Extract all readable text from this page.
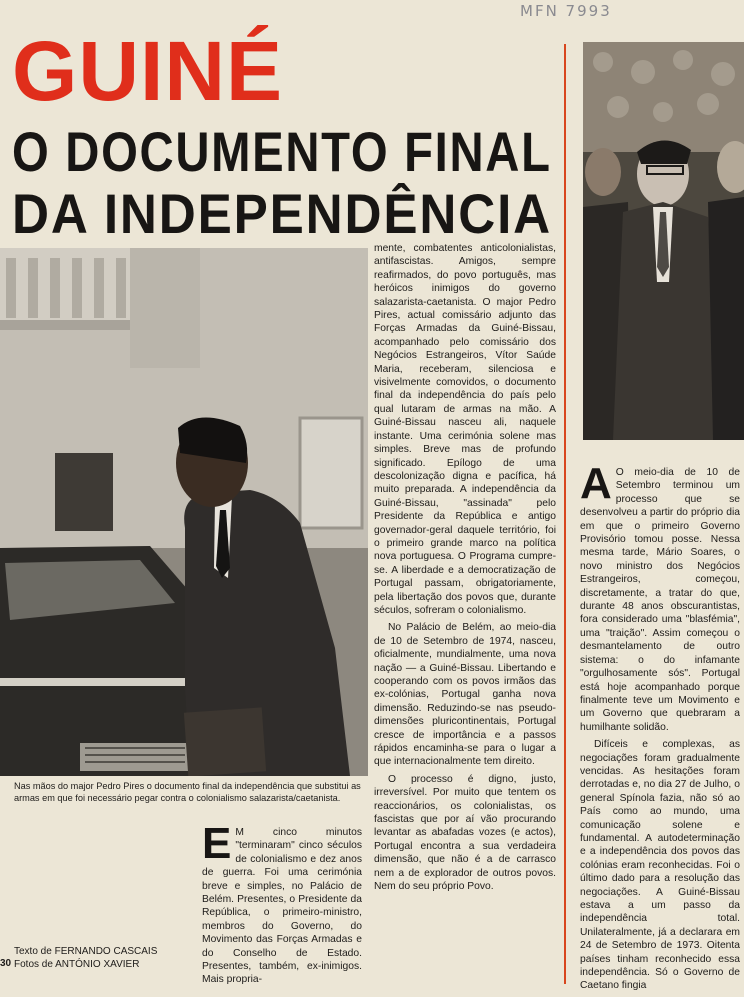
MFN 7993
GUINÉ
O DOCUMENTO FINAL
DA INDEPENDÊNCIA
Nas mãos do major Pedro Pires o documento final da independência que substitui as armas em que foi necessário pegar contra o colonialismo salazarista/caetanista.

E M cinco minutos "terminaram" cinco séculos de colonialismo e dez anos de guerra. Foi uma cerimónia breve e simples, no Palácio de Belém. Presentes, o Presidente da República, o primeiro-ministro, membros do Governo, do Movimento das Forças Armadas e do Conselho de Estado. Presentes, também, ex-inimigos. Mais propria-

mente, combatentes anticolonialistas, antifascistas. Amigos, sempre reafirmados, do povo português, mas heróicos inimigos do governo salazarista-caetanista. O major Pedro Pires, actual comissário adjunto das Forças Armadas da Guiné-Bissau, acompanhado pelo comissário dos Negócios Estrangeiros, Vítor Saúde Maria, receberam, silenciosa e visivelmente comovidos, o documento final da independência do país pelo qual lutaram de armas na mão. A Guiné-Bissau nasceu ali, naquele instante. Uma cerimónia solene mas simples. Breve mas de profundo significado. Epílogo de uma descolonização digna e pacífica, há muito preparada. A independência da Guiné-Bissau, "assinada" pelo Presidente da República e antigo governador-geral daquele território, foi o primeiro grande marco na política nova portuguesa. O Programa cumpre-se. A liberdade e a democratização de Portugal passam, obrigatoriamente, pela libertação dos povos que, durante séculos, sofreram o colonialismo.

No Palácio de Belém, ao meio-dia de 10 de Setembro de 1974, nasceu, oficialmente, mundialmente, uma nova nação — a Guiné-Bissau. Libertando e cooperando com os povos irmãos das ex-colónias, Portugal ganha nova dimensão. Reduzindo-se nas pseudo-dimensões pluricontinentais, Portugal cresce de importância e a passos rápidos encaminha-se para o lugar a que internacionalmente tem direito.

O processo é digno, justo, irreversível. Por muito que tentem os reaccionários, os colonialistas, os fascistas que por aí vão procurando levantar as abafadas vozes (e actos), Portugal encontra a sua verdadeira dimensão, que não é a de carrasco nem a de explorador de outros povos. Nem do seu próprio Povo.

A O meio-dia de 10 de Setembro terminou um processo que se desenvolveu a partir do próprio dia em que o primeiro Governo Provisório tomou posse. Nessa mesma tarde, Mário Soares, o novo ministro dos Negócios Estrangeiros, começou, discretamente, a tratar do que, durante 48 anos obscurantistas, fora considerado uma "blasfémia", uma "traição". Assim começou o desmantelamento de outro sistema: o do infamante "orgulhosamente sós". Portugal está hoje acompanhado porque finalmente teve um Movimento e um Governo que quebraram a humilhante solidão.

Difíceis e complexas, as negociações foram gradualmente vencidas. As hesitações foram derrotadas e, no dia 27 de Julho, o general Spínola fazia, não só ao País como ao mundo, uma comunicação solene e fundamental. A autodeterminação e a independência dos povos das colónias eram reconhecidas. Foi o último dado para a resolução das negociações. A Guiné-Bissau estava a um passo da independência total. Unilateralmente, já a declarara em 24 de Setembro de 1973. Oitenta países tinham reconhecido essa independência. Só o Governo de Caetano fingia

Texto de FERNANDO CASCAIS
Fotos de ANTÓNIO XAVIER
30
